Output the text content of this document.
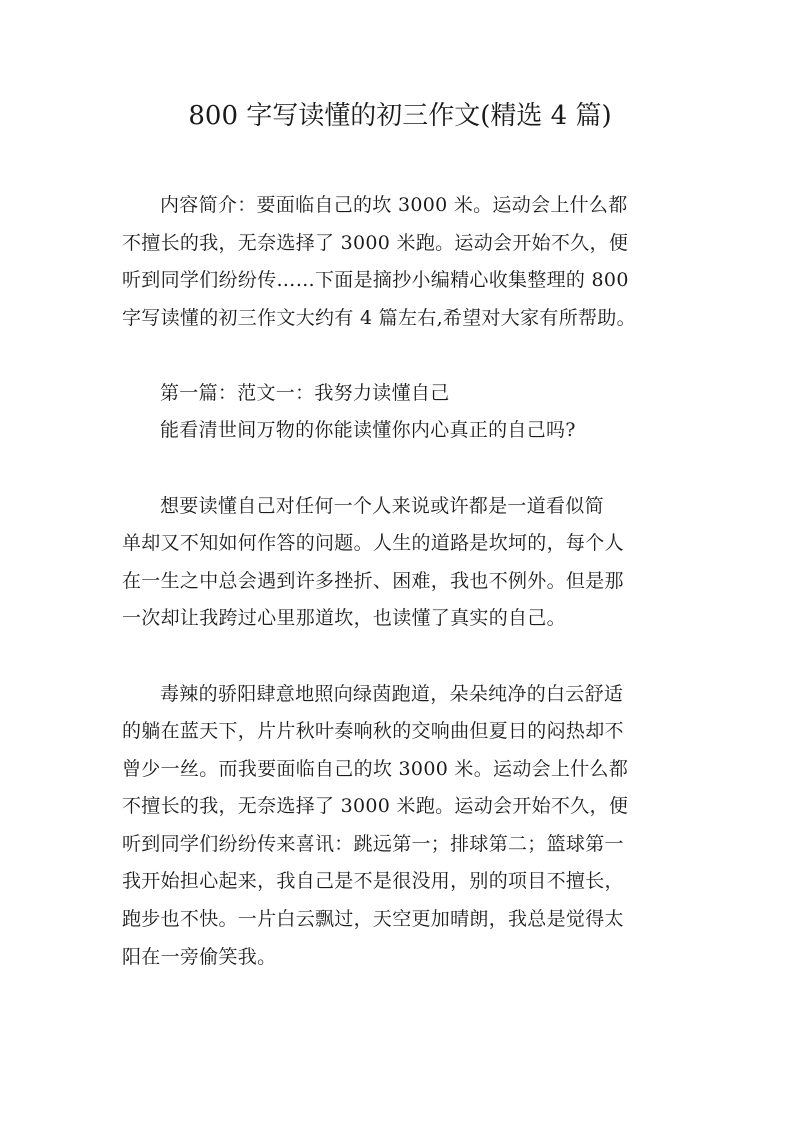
800 字写读懂的初三作文(精选 4 篇)
内容简介：要面临自己的坎 3000 米。运动会上什么都
不擅长的我，无奈选择了 3000 米跑。运动会开始不久，便
听到同学们纷纷传……下面是摘抄小编精心收集整理的 800
字写读懂的初三作文大约有 4 篇左右,希望对大家有所帮助。
第一篇：范文一：我努力读懂自己
能看清世间万物的你能读懂你内心真正的自己吗?
想要读懂自己对任何一个人来说或许都是一道看似简
单却又不知如何作答的问题。人生的道路是坎坷的，每个人
在一生之中总会遇到许多挫折、困难，我也不例外。但是那
一次却让我跨过心里那道坎，也读懂了真实的自己。
毒辣的骄阳肆意地照向绿茵跑道，朵朵纯净的白云舒适
的躺在蓝天下，片片秋叶奏响秋的交响曲但夏日的闷热却不
曾少一丝。而我要面临自己的坎 3000 米。运动会上什么都
不擅长的我，无奈选择了 3000 米跑。运动会开始不久，便
听到同学们纷纷传来喜讯：跳远第一；排球第二；篮球第一
我开始担心起来，我自己是不是很没用，别的项目不擅长，
跑步也不快。一片白云飘过，天空更加晴朗，我总是觉得太
阳在一旁偷笑我。
